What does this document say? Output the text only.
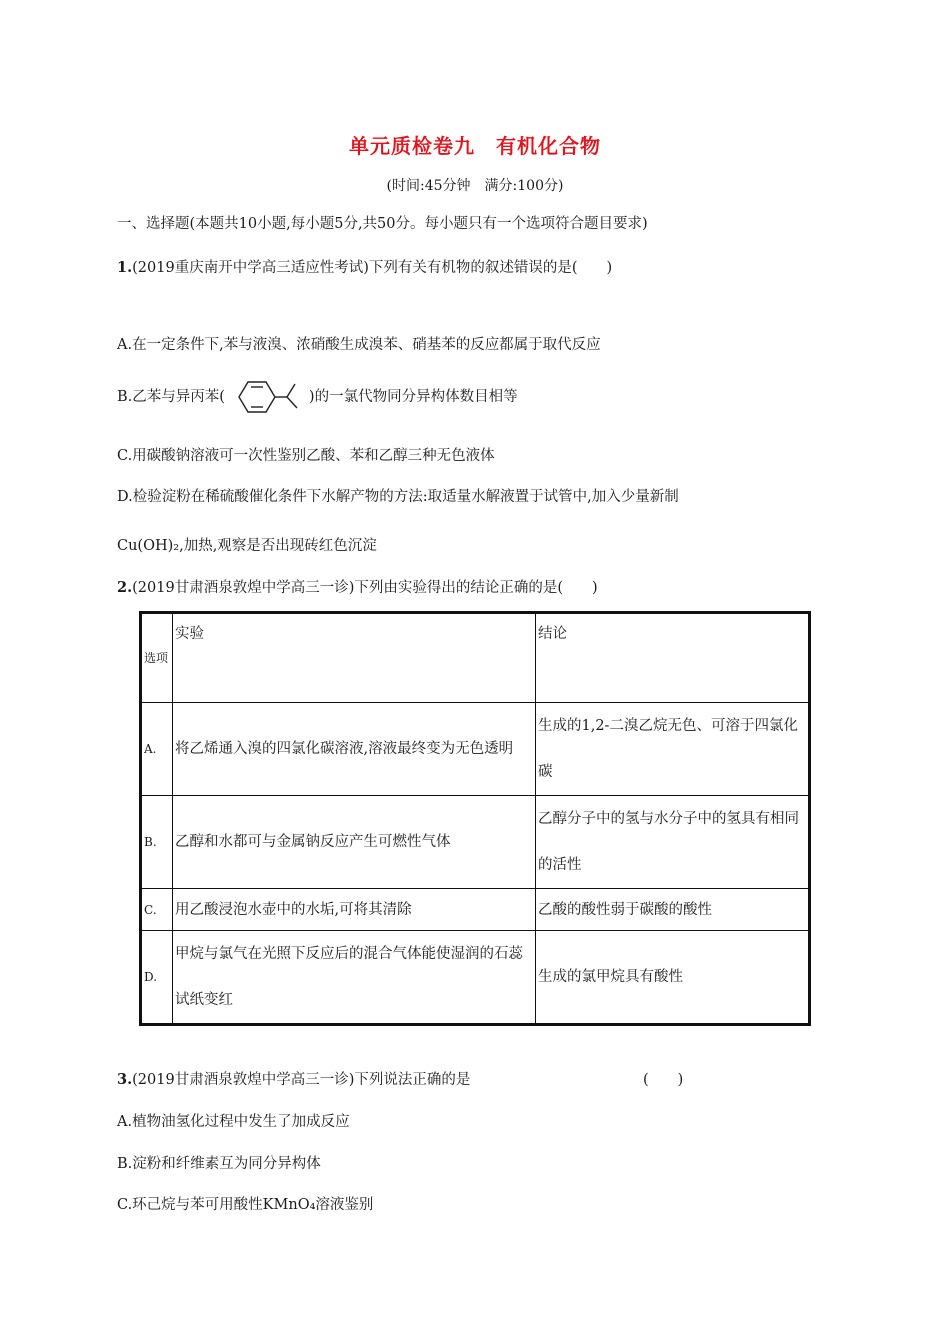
单元质检卷九　有机化合物
(时间:45分钟　满分:100分)
一、选择题(本题共10小题,每小题5分,共50分。每小题只有一个选项符合题目要求)
1.(2019重庆南开中学高三适应性考试)下列有关有机物的叙述错误的是(　　)
A.在一定条件下,苯与液溴、浓硝酸生成溴苯、硝基苯的反应都属于取代反应
B.乙苯与异丙苯(	)的一氯代物同分异构体数目相等
C.用碳酸钠溶液可一次性鉴别乙酸、苯和乙醇三种无色液体
D.检验淀粉在稀硫酸催化条件下水解产物的方法:取适量水解液置于试管中,加入少量新制
Cu(OH)₂,加热,观察是否出现砖红色沉淀
2.(2019甘肃酒泉敦煌中学高三一诊)下列由实验得出的结论正确的是(　　)
选项	实验	结论
A.	将乙烯通入溴的四氯化碳溶液,溶液最终变为无色透明	生成的1,2-二溴乙烷无色、可溶于四氯化碳

B.	乙醇和水都可与金属钠反应产生可燃性气体	乙醇分子中的氢与水分子中的氢具有相同的活性

C.	用乙酸浸泡水壶中的水垢,可将其清除	乙酸的酸性弱于碳酸的酸性

D.	甲烷与氯气在光照下反应后的混合气体能使湿润的石蕊试纸变红	生成的氯甲烷具有酸性
3.(2019甘肃酒泉敦煌中学高三一诊)下列说法正确的是	(　　)
A.植物油氢化过程中发生了加成反应
B.淀粉和纤维素互为同分异构体
C.环己烷与苯可用酸性KMnO₄溶液鉴别
